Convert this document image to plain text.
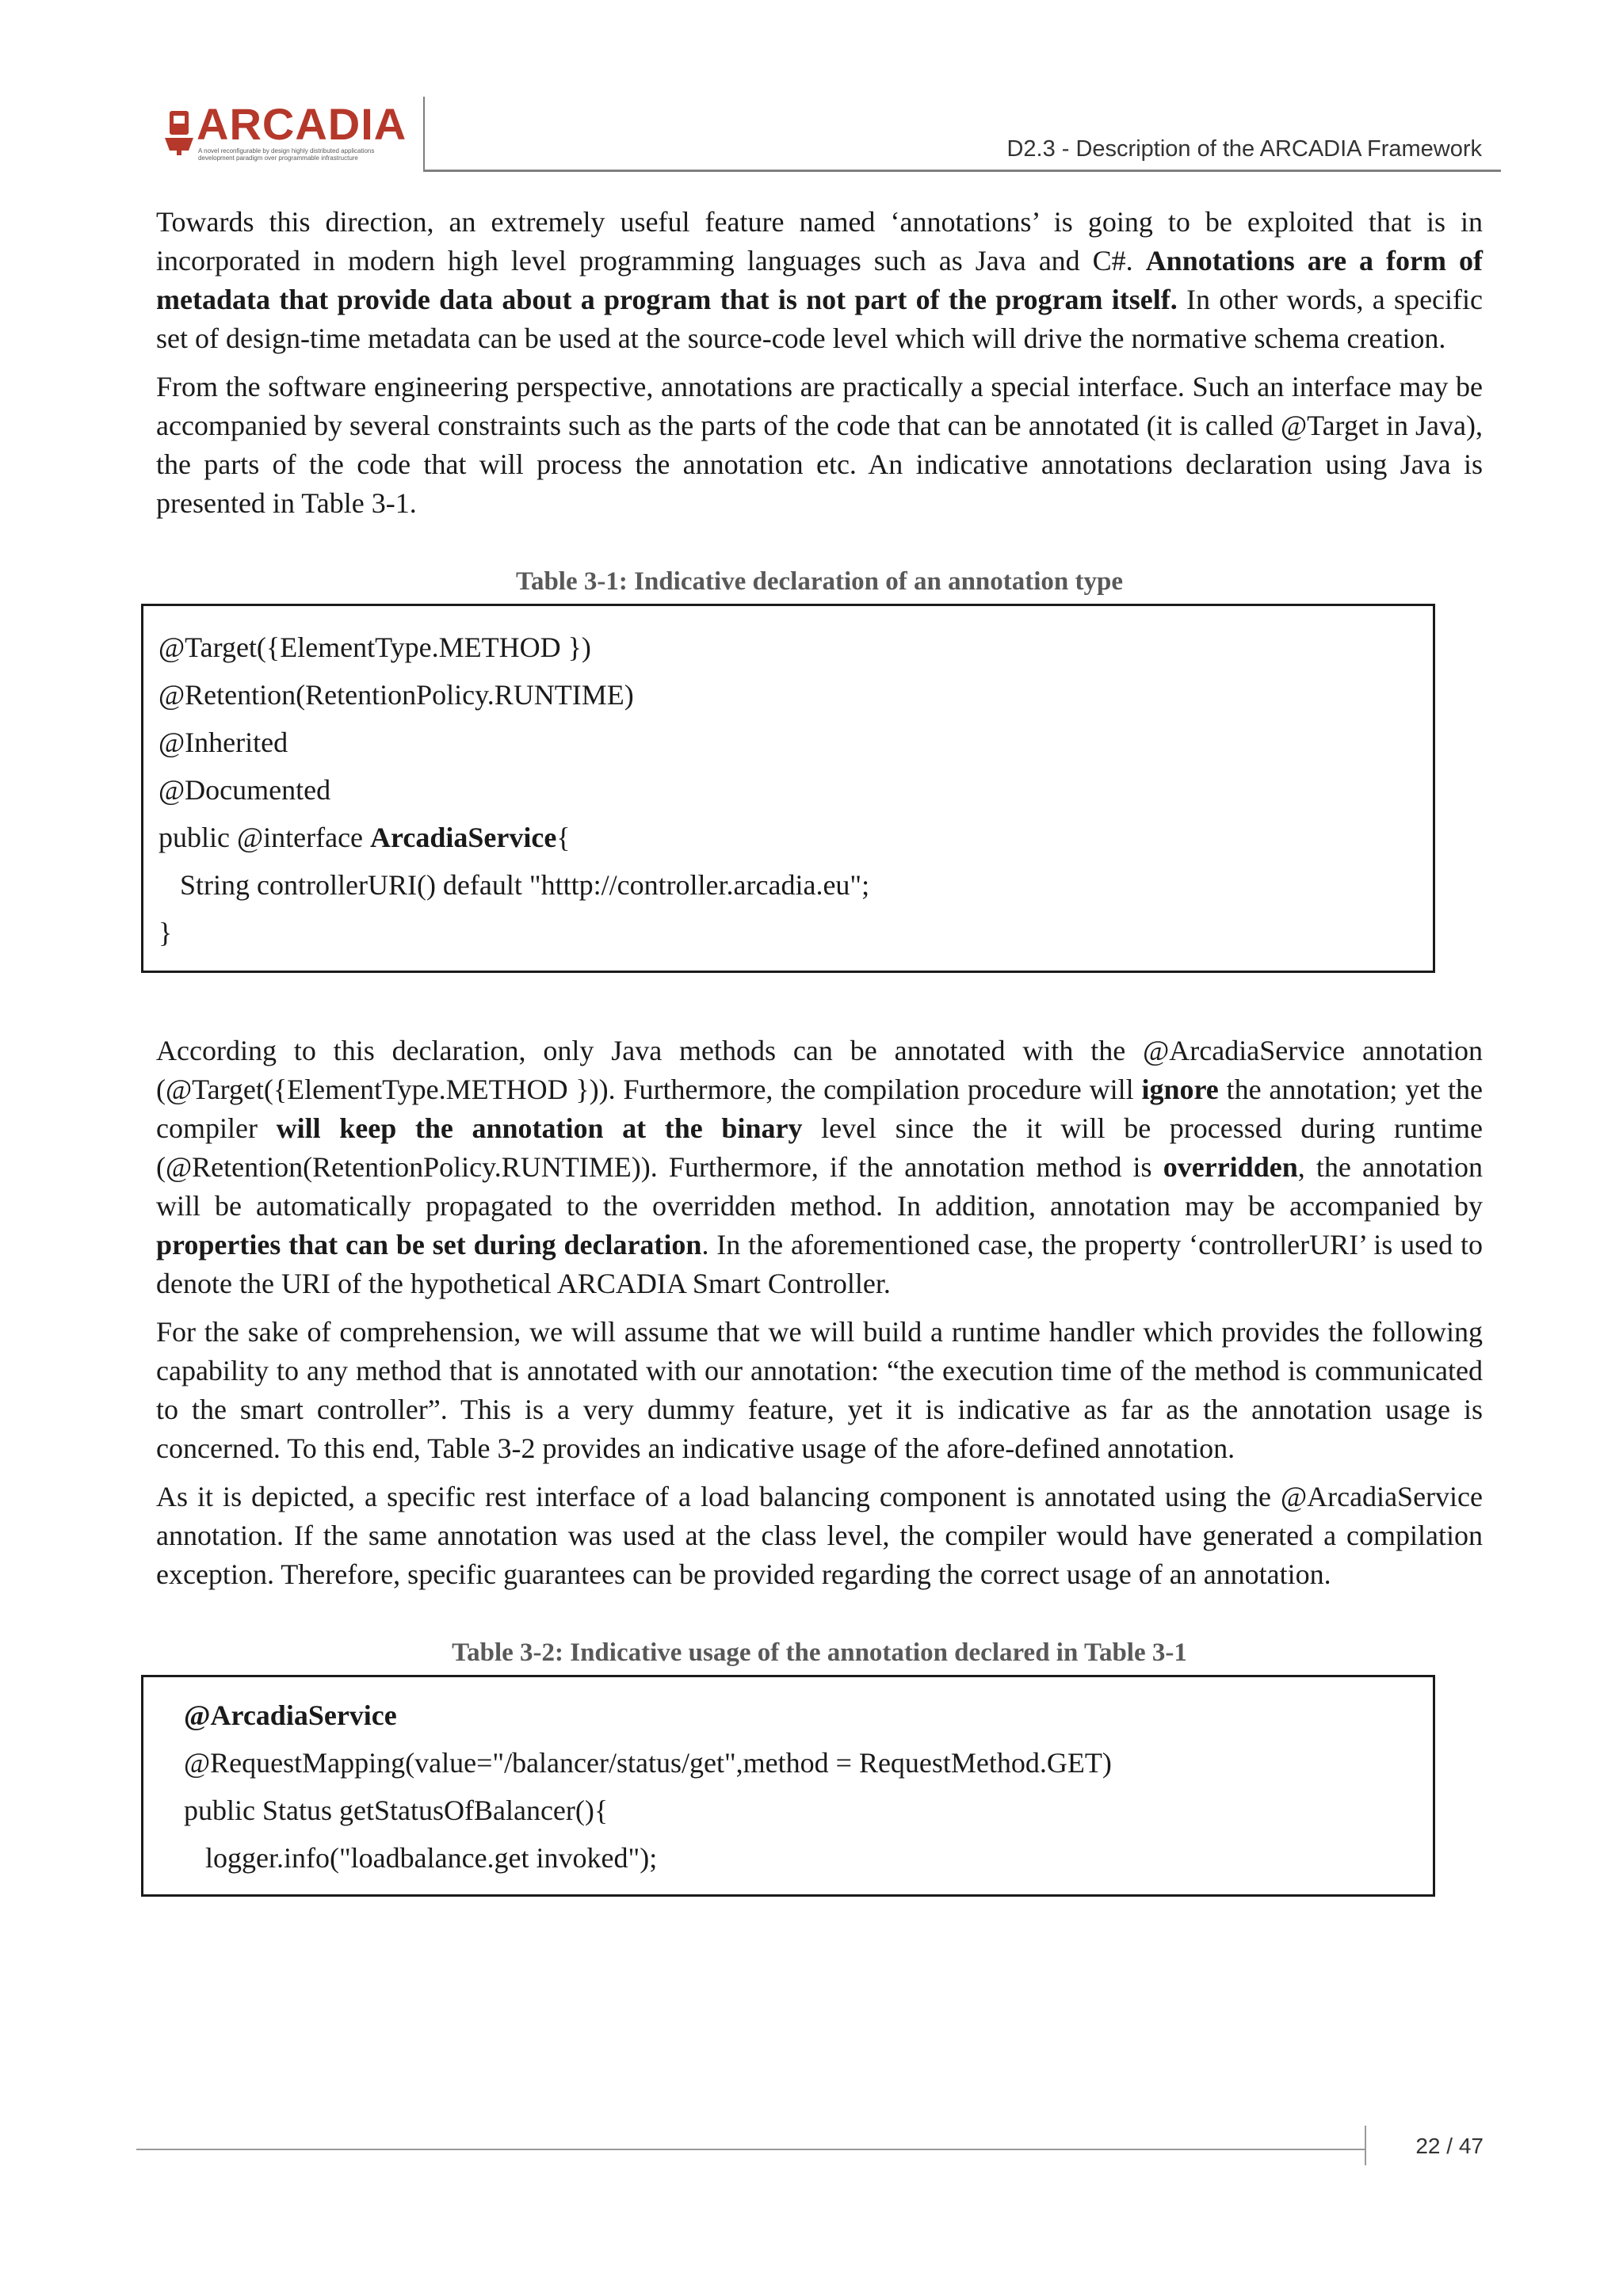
ARCADIA
A novel reconfigurable by design highly distributed applications
development paradigm over programmable infrastructure	D2.3 - Description of the ARCADIA Framework

Towards this direction, an extremely useful feature named ‘annotations’ is going to be exploited that is in incorporated in modern high level programming languages such as Java and C#. Annotations are a form of metadata that provide data about a program that is not part of the program itself. In other words, a specific set of design-time metadata can be used at the source-code level which will drive the normative schema creation.

From the software engineering perspective, annotations are practically a special interface. Such an interface may be accompanied by several constraints such as the parts of the code that can be annotated (it is called @Target in Java), the parts of the code that will process the annotation etc. An indicative annotations declaration using Java is presented in Table 3-1.

Table 3-1: Indicative declaration of an annotation type

@Target({ElementType.METHOD })

@Retention(RetentionPolicy.RUNTIME)

@Inherited

@Documented

public @interface ArcadiaService{

String controllerURI() default "htttp://controller.arcadia.eu";

}

According to this declaration, only Java methods can be annotated with the @ArcadiaService annotation (@Target({ElementType.METHOD })). Furthermore, the compilation procedure will ignore the annotation; yet the compiler will keep the annotation at the binary level since the it will be processed during runtime (@Retention(RetentionPolicy.RUNTIME)). Furthermore, if the annotation method is overridden, the annotation will be automatically propagated to the overridden method. In addition, annotation may be accompanied by properties that can be set during declaration. In the aforementioned case, the property ‘controllerURI’ is used to denote the URI of the hypothetical ARCADIA Smart Controller.

For the sake of comprehension, we will assume that we will build a runtime handler which provides the following capability to any method that is annotated with our annotation: “the execution time of the method is communicated to the smart controller”. This is a very dummy feature, yet it is indicative as far as the annotation usage is concerned. To this end, Table 3-2 provides an indicative usage of the afore-defined annotation.

As it is depicted, a specific rest interface of a load balancing component is annotated using the @ArcadiaService annotation. If the same annotation was used at the class level, the compiler would have generated a compilation exception. Therefore, specific guarantees can be provided regarding the correct usage of an annotation.

Table 3-2: Indicative usage of the annotation declared in Table 3-1

@ArcadiaService

@RequestMapping(value="/balancer/status/get",method = RequestMethod.GET)

public Status getStatusOfBalancer(){

logger.info("loadbalance.get invoked");

22 / 47
